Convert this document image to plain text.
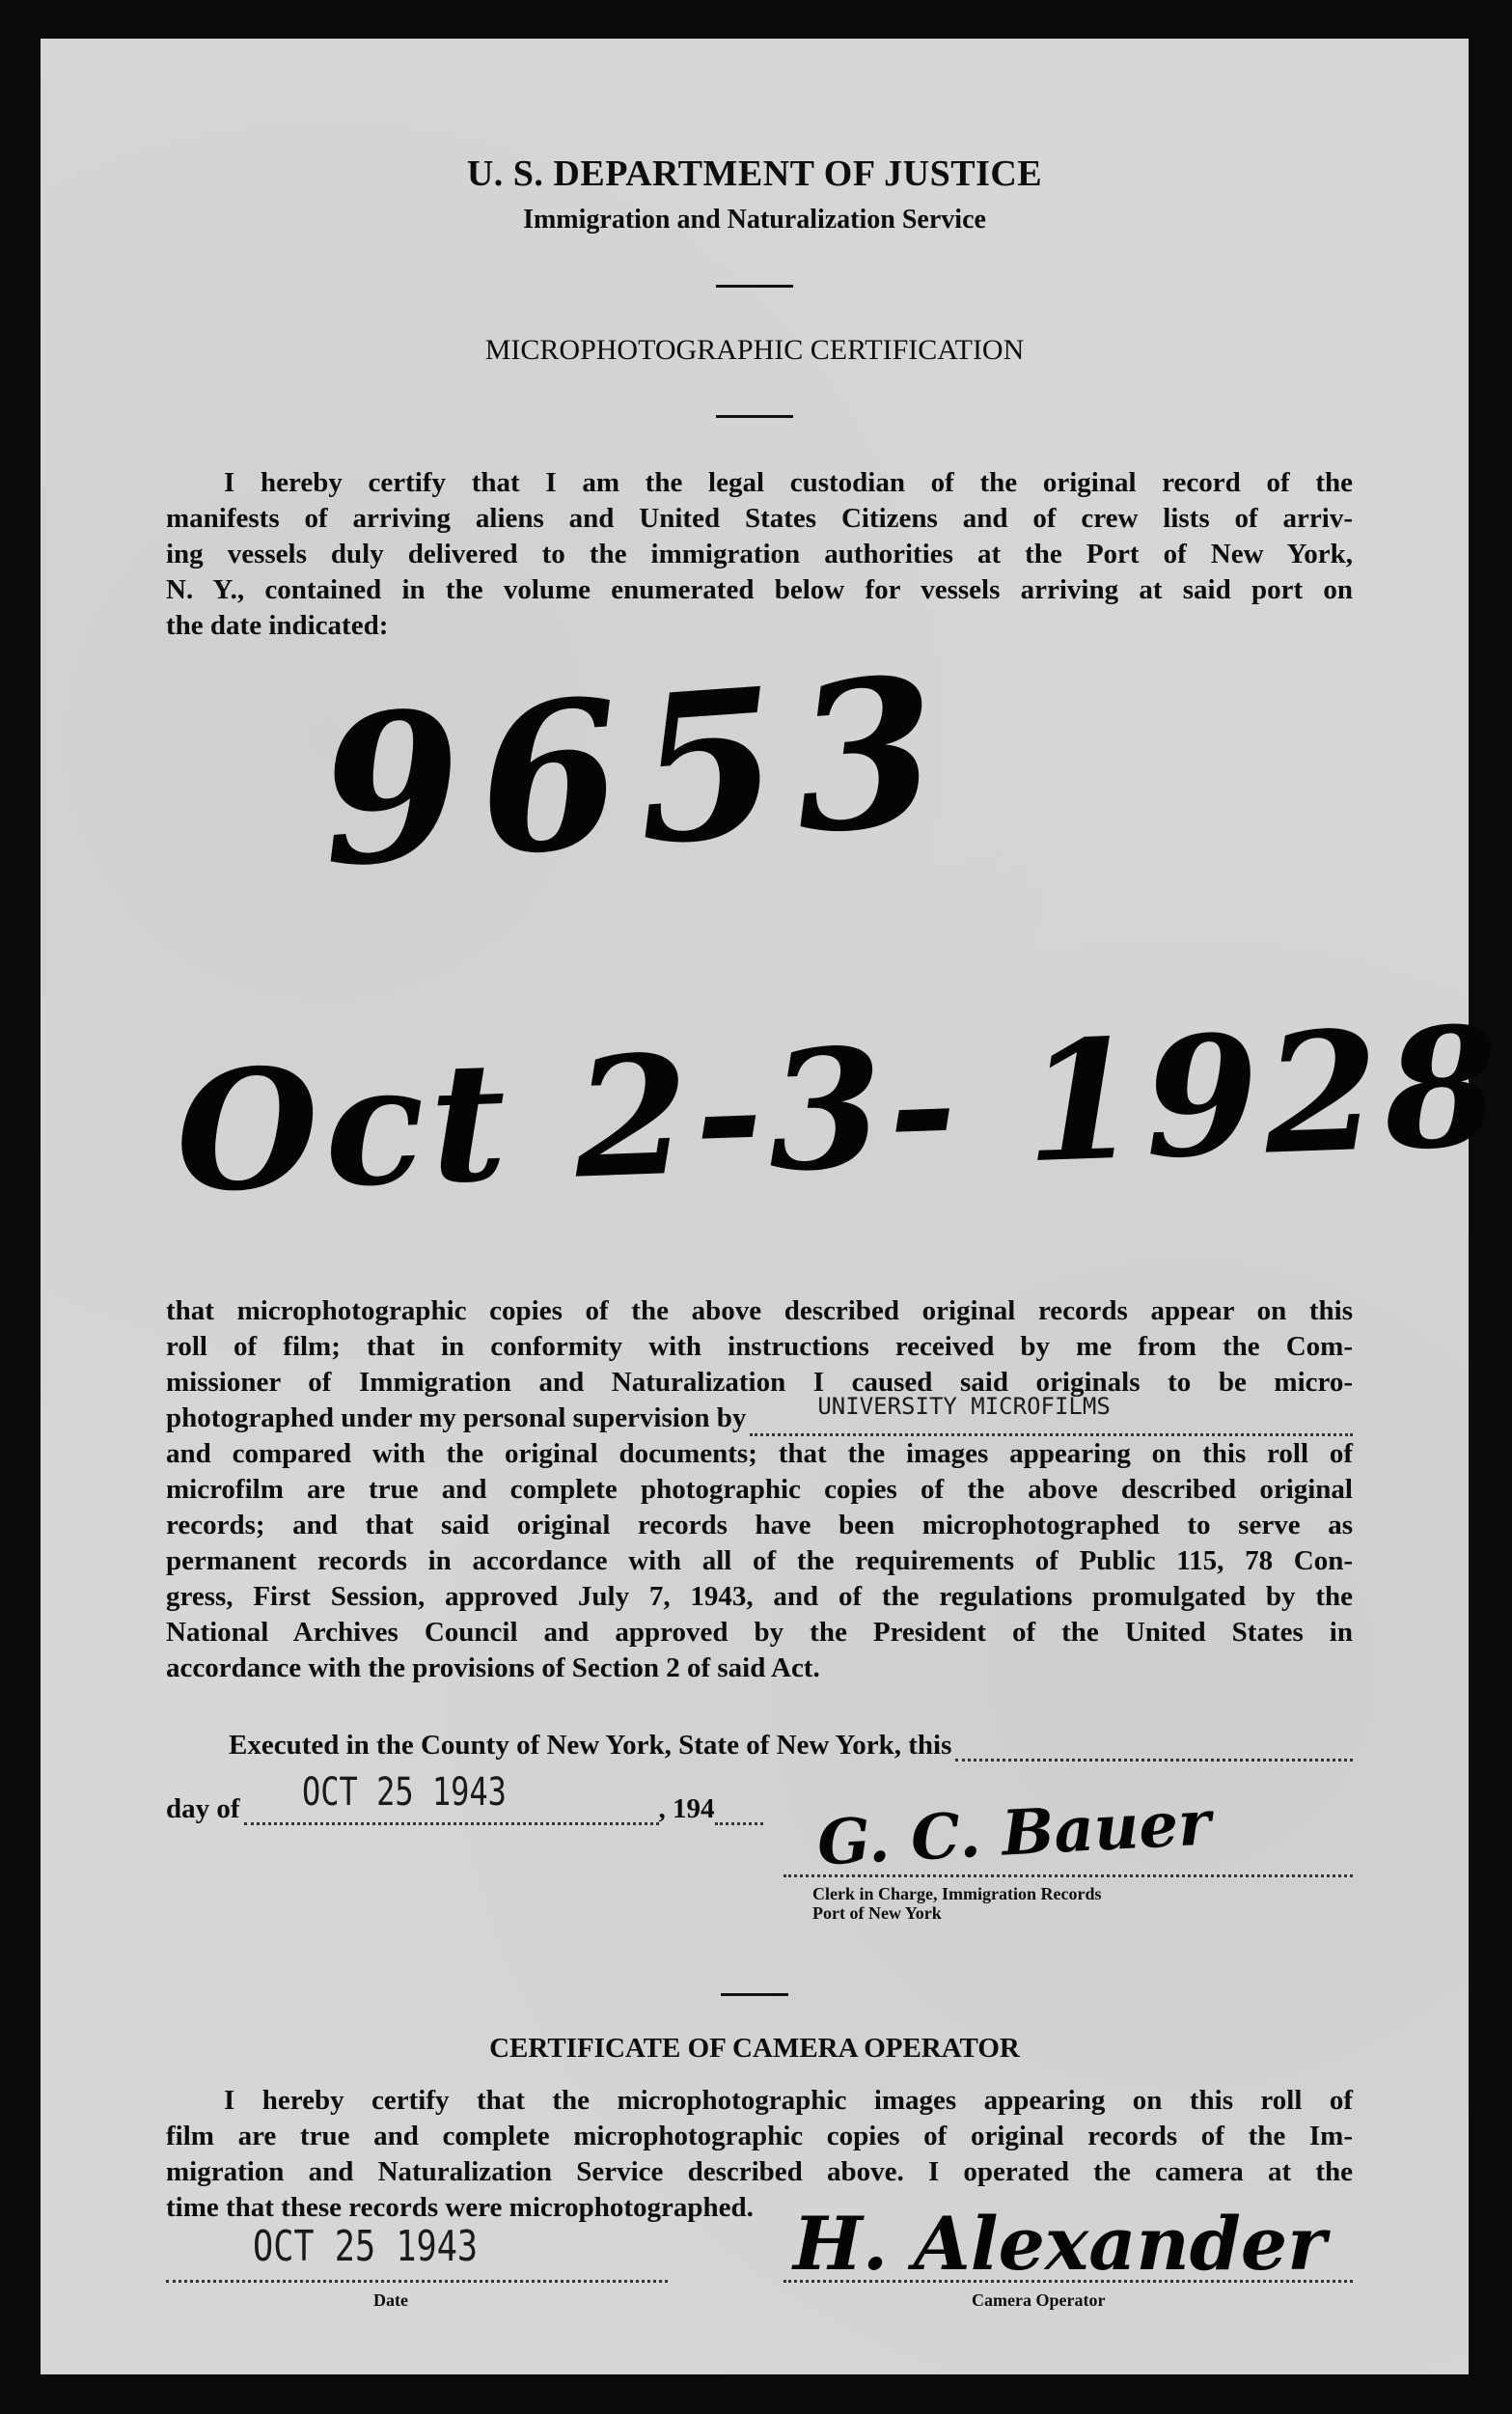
U. S. DEPARTMENT OF JUSTICE
Immigration and Naturalization Service
MICROPHOTOGRAPHIC CERTIFICATION
I hereby certify that I am the legal custodian of the original record of the
manifests of arriving aliens and United States Citizens and of crew lists of arriv-
ing vessels duly delivered to the immigration authorities at the Port of New York,
N. Y., contained in the volume enumerated below for vessels arriving at said port on
the date indicated:
9653
Oct 2-3- 1928
that microphotographic copies of the above described original records appear on this
roll of film; that in conformity with instructions received by me from the Com-
missioner of Immigration and Naturalization I caused said originals to be micro-
photographed under my personal supervision by	UNIVERSITY MICROFILMS
and compared with the original documents; that the images appearing on this roll of
microfilm are true and complete photographic copies of the above described original
records; and that said original records have been microphotographed to serve as
permanent records in accordance with all of the requirements of Public 115, 78 Con-
gress, First Session, approved July 7, 1943, and of the regulations promulgated by the
National Archives Council and approved by the President of the United States in
accordance with the provisions of Section 2 of said Act.
Executed in the County of New York, State of New York, this
day of OCT 25 1943	, 194 G. C. Bauer
Clerk in Charge, Immigration Records
Port of New York
CERTIFICATE OF CAMERA OPERATOR
I hereby certify that the microphotographic images appearing on this roll of
film are true and complete microphotographic copies of original records of the Im-
migration and Naturalization Service described above. I operated the camera at the
time that these records were microphotographed.
OCT 25 1943
Date
H. Alexander
Camera Operator
